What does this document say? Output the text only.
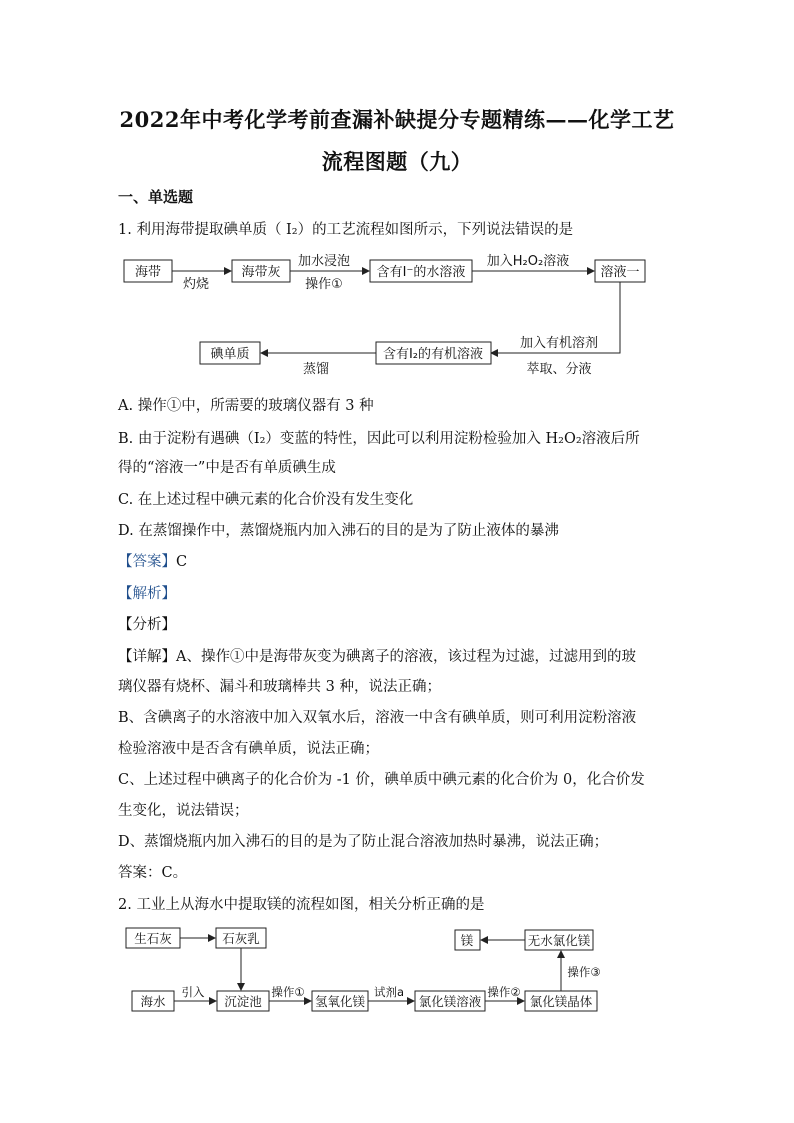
2022年中考化学考前查漏补缺提分专题精练——化学工艺
流程图题（九）
一、单选题
1. 利用海带提取碘单质（ I₂）的工艺流程如图所示，下列说法错误的是
海带	海带灰	含有I⁻的水溶液	溶液一
灼烧
加水浸泡
操作①
加入H₂O₂溶液
加入有机溶剂
萃取、分液
含有I₂的有机溶液
蒸馏
碘单质
A. 操作①中，所需要的玻璃仪器有 3 种
B. 由于淀粉有遇碘（I₂）变蓝的特性，因此可以利用淀粉检验加入 H₂O₂溶液后所
得的“溶液一”中是否有单质碘生成
C. 在上述过程中碘元素的化合价没有发生变化
D. 在蒸馏操作中，蒸馏烧瓶内加入沸石的目的是为了防止液体的暴沸
【答案】C
【解析】
【分析】
【详解】A、操作①中是海带灰变为碘离子的溶液，该过程为过滤，过滤用到的玻
璃仪器有烧杯、漏斗和玻璃棒共 3 种，说法正确；
B、含碘离子的水溶液中加入双氧水后，溶液一中含有碘单质，则可利用淀粉溶液
检验溶液中是否含有碘单质，说法正确；
C、上述过程中碘离子的化合价为 -1 价，碘单质中碘元素的化合价为 0，化合价发
生变化，说法错误；
D、蒸馏烧瓶内加入沸石的目的是为了防止混合溶液加热时暴沸，说法正确；
答案：C。
2. 工业上从海水中提取镁的流程如图，相关分析正确的是
生石灰	石灰乳
海水
引入
沉淀池
操作①
氢氧化镁
试剂a
氯化镁溶液
操作②
氯化镁晶体
操作③
无水氯化镁
镁
